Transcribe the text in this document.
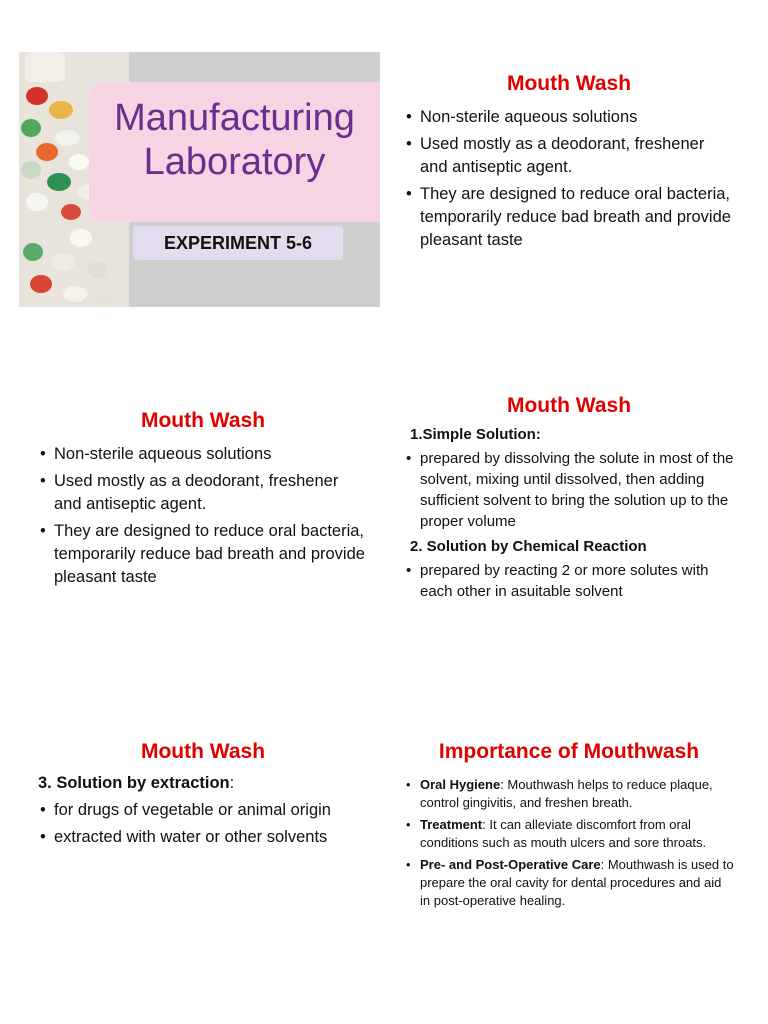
Manufacturing
Laboratory
EXPERIMENT 5-6
Mouth Wash
• Non-sterile aqueous solutions
• Used mostly as a deodorant, freshener and antiseptic agent.
• They are designed to reduce oral bacteria, temporarily reduce bad breath and provide pleasant taste
Mouth Wash
• Non-sterile aqueous solutions
• Used mostly as a deodorant, freshener and antiseptic agent.
• They are designed to reduce oral bacteria, temporarily reduce bad breath and provide pleasant taste
Mouth Wash
1.Simple Solution:
• prepared by dissolving the solute in most of the solvent, mixing until dissolved, then adding sufficient solvent to bring the solution up to the proper volume
2. Solution by Chemical Reaction
• prepared by reacting 2 or more solutes with each other in asuitable solvent
Mouth Wash
3. Solution by extraction:
• for drugs of vegetable or animal origin
• extracted with water or other solvents
Importance of Mouthwash
• Oral Hygiene: Mouthwash helps to reduce plaque, control gingivitis, and freshen breath.
• Treatment: It can alleviate discomfort from oral conditions such as mouth ulcers and sore throats.
• Pre- and Post-Operative Care: Mouthwash is used to prepare the oral cavity for dental procedures and aid in post-operative healing.
